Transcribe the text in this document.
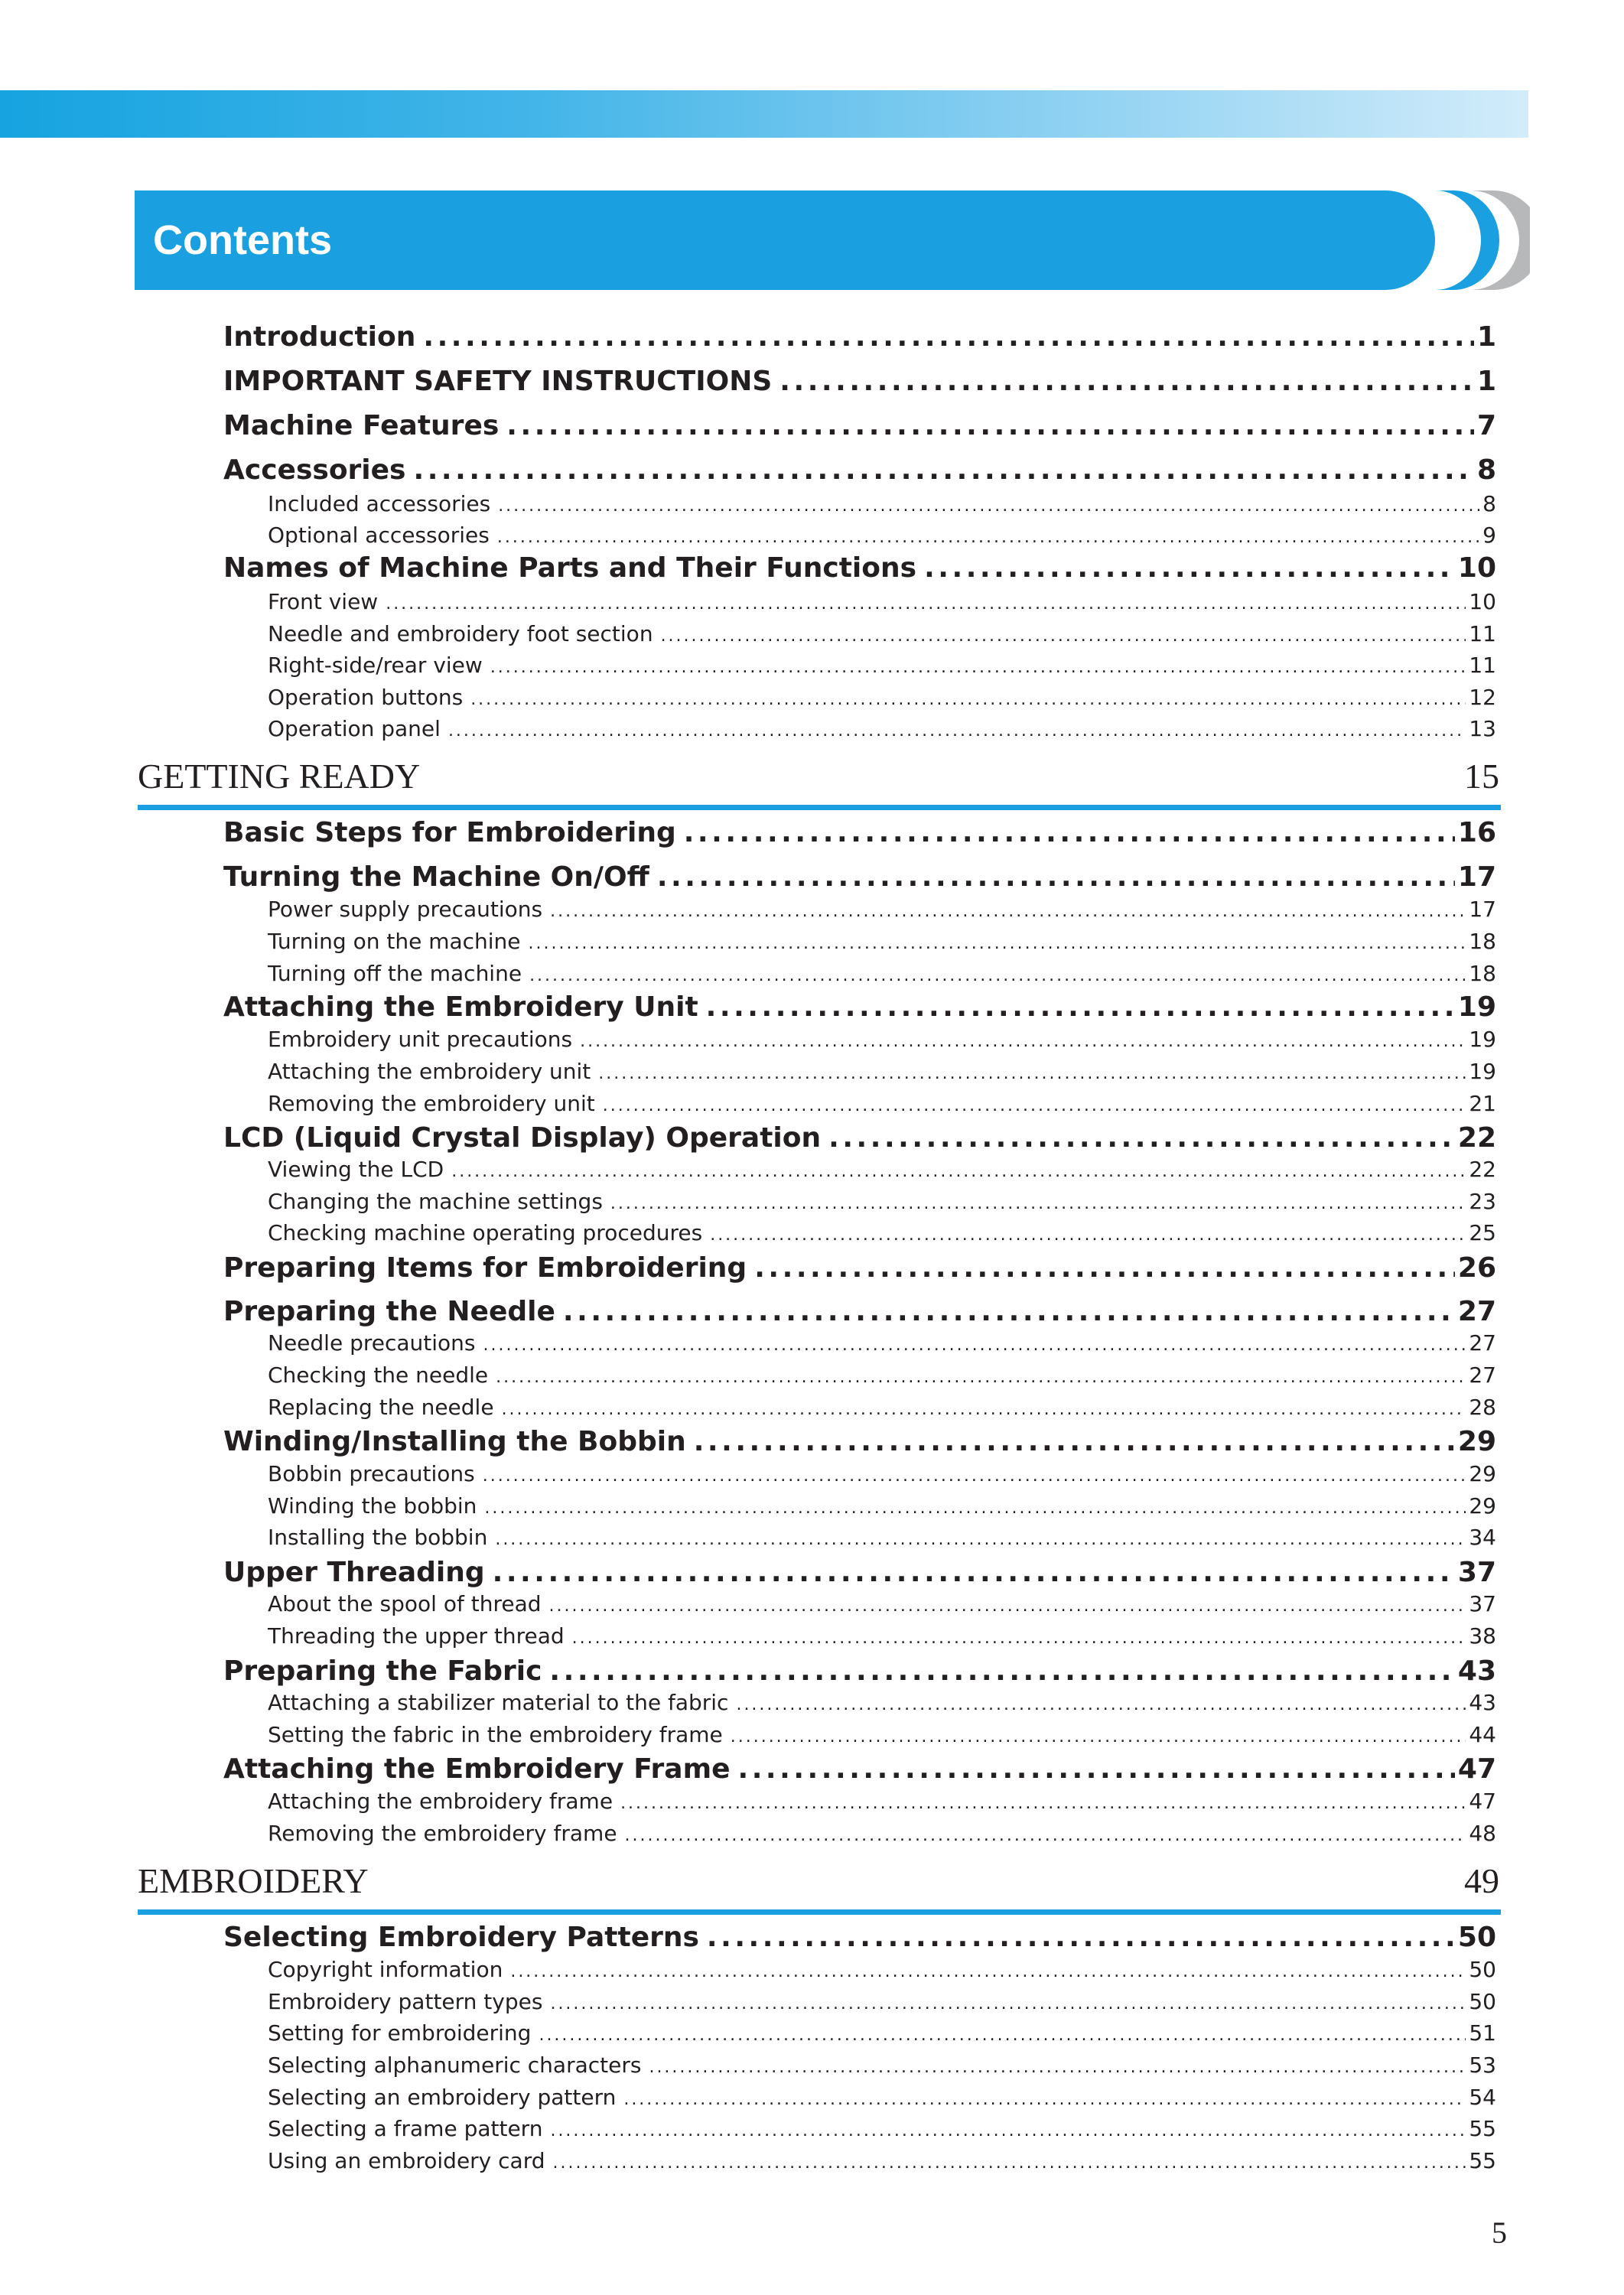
Contents
Introduction . . .	1
IMPORTANT SAFETY INSTRUCTIONS . . .	1
Machine Features . . .	7
Accessories . . .	8
Included accessories . . .	8
Optional accessories . . .	9
Names of Machine Parts and Their Functions . . .	10
Front view . . .	10
Needle and embroidery foot section . . .	11
Right-side/rear view . . .	11
Operation buttons . . .	12
Operation panel . . .	13
GETTING READY	15
Basic Steps for Embroidering . . .	16
Turning the Machine On/Off . . .	17
Power supply precautions . . .	17
Turning on the machine . . .	18
Turning off the machine . . .	18
Attaching the Embroidery Unit . . .	19
Embroidery unit precautions . . .	19
Attaching the embroidery unit . . .	19
Removing the embroidery unit . . .	21
LCD (Liquid Crystal Display) Operation . . .	22
Viewing the LCD . . .	22
Changing the machine settings . . .	23
Checking machine operating procedures . . .	25
Preparing Items for Embroidering . . .	26
Preparing the Needle . . .	27
Needle precautions . . .	27
Checking the needle . . .	27
Replacing the needle . . .	28
Winding/Installing the Bobbin . . .	29
Bobbin precautions . . .	29
Winding the bobbin . . .	29
Installing the bobbin . . .	34
Upper Threading . . .	37
About the spool of thread . . .	37
Threading the upper thread . . .	38
Preparing the Fabric . . .	43
Attaching a stabilizer material to the fabric . . .	43
Setting the fabric in the embroidery frame . . .	44
Attaching the Embroidery Frame . . .	47
Attaching the embroidery frame . . .	47
Removing the embroidery frame . . .	48
EMBROIDERY	49
Selecting Embroidery Patterns . . .	50
Copyright information . . .	50
Embroidery pattern types . . .	50
Setting for embroidering . . .	51
Selecting alphanumeric characters . . .	53
Selecting an embroidery pattern . . .	54
Selecting a frame pattern . . .	55
Using an embroidery card . . .	55
5
